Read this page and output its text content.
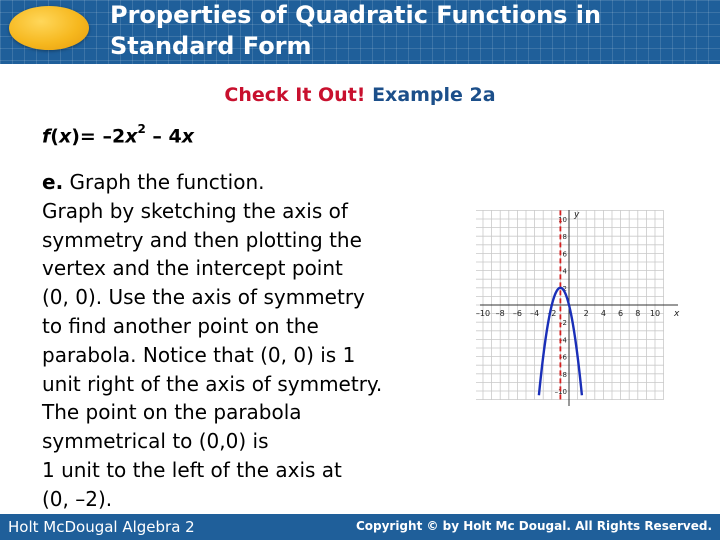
Properties of Quadratic Functions in
Standard Form
Check It Out! Example 2a
$f(x)= -2x^2 - 4x$
e. Graph the function.
Graph by sketching the axis of
symmetry and then plotting the
vertex and the intercept point
(0, 0). Use the axis of symmetry
to find another point on the
parabola. Notice that (0, 0) is 1
unit right of the axis of symmetry.
The point on the parabola
symmetrical to (0,0) is
1 unit to the left of the axis at
(0, –2).
–10 –8 –6 –4 –2	2 4 6 8 10
10
8
6
4
2
–2
–4
–6
–8
–10
x
y
Holt McDougal Algebra 2	Copyright © by Holt Mc Dougal. All Rights Reserved.
